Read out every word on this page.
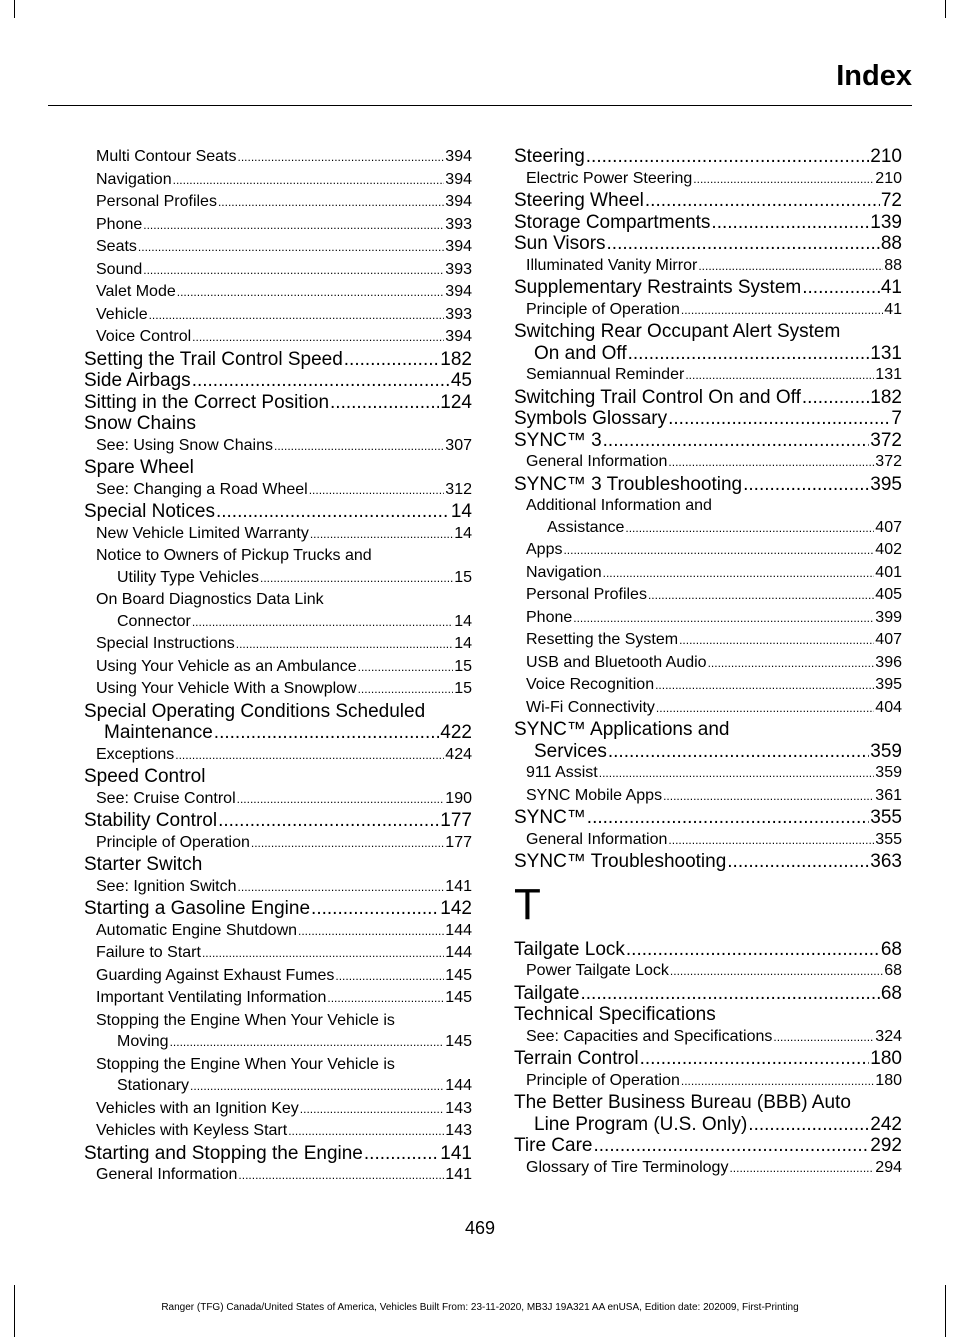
Index
Multi Contour Seats .....	394
Navigation .....	394
Personal Profiles .....	394
Phone .....	393
Seats .....	394
Sound .....	393
Valet Mode .....	394
Vehicle .....	393
Voice Control .....	394
Setting the Trail Control Speed .....	182
Side Airbags .....	45
Sitting in the Correct Position .....	124
Snow Chains
See: Using Snow Chains .....	307
Spare Wheel
See: Changing a Road Wheel .....	312
Special Notices .....	14
New Vehicle Limited Warranty .....	14
Notice to Owners of Pickup Trucks and
Utility Type Vehicles .....	15
On Board Diagnostics Data Link
Connector .....	14
Special Instructions .....	14
Using Your Vehicle as an Ambulance .....	15
Using Your Vehicle With a Snowplow .....	15
Special Operating Conditions Scheduled
Maintenance .....	422
Exceptions .....	424
Speed Control
See: Cruise Control .....	190
Stability Control .....	177
Principle of Operation .....	177
Starter Switch
See: Ignition Switch .....	141
Starting a Gasoline Engine .....	142
Automatic Engine Shutdown .....	144
Failure to Start .....	144
Guarding Against Exhaust Fumes .....	145
Important Ventilating Information .....	145
Stopping the Engine When Your Vehicle is
Moving .....	145
Stopping the Engine When Your Vehicle is
Stationary .....	144
Vehicles with an Ignition Key .....	143
Vehicles with Keyless Start .....	143
Starting and Stopping the Engine .....	141
General Information .....	141
Steering .....	210
Electric Power Steering .....	210
Steering Wheel .....	72
Storage Compartments .....	139
Sun Visors .....	88
Illuminated Vanity Mirror .....	88
Supplementary Restraints System .....	41
Principle of Operation .....	41
Switching Rear Occupant Alert System
On and Off .....	131
Semiannual Reminder .....	131
Switching Trail Control On and Off .....	182
Symbols Glossary .....	7
SYNC™ 3 .....	372
General Information .....	372
SYNC™ 3 Troubleshooting .....	395
Additional Information and
Assistance .....	407
Apps .....	402
Navigation .....	401
Personal Profiles .....	405
Phone .....	399
Resetting the System .....	407
USB and Bluetooth Audio .....	396
Voice Recognition .....	395
Wi-Fi Connectivity .....	404
SYNC™ Applications and
Services .....	359
911 Assist .....	359
SYNC Mobile Apps .....	361
SYNC™ .....	355
General Information .....	355
SYNC™ Troubleshooting .....	363
T
Tailgate Lock .....	68
Power Tailgate Lock .....	68
Tailgate .....	68
Technical Specifications
See: Capacities and Specifications .....	324
Terrain Control .....	180
Principle of Operation .....	180
The Better Business Bureau (BBB) Auto
Line Program (U.S. Only) .....	242
Tire Care .....	292
Glossary of Tire Terminology .....	294
469
Ranger (TFG) Canada/United States of America, Vehicles Built From: 23-11-2020, MB3J 19A321 AA enUSA, Edition date: 202009, First-Printing
